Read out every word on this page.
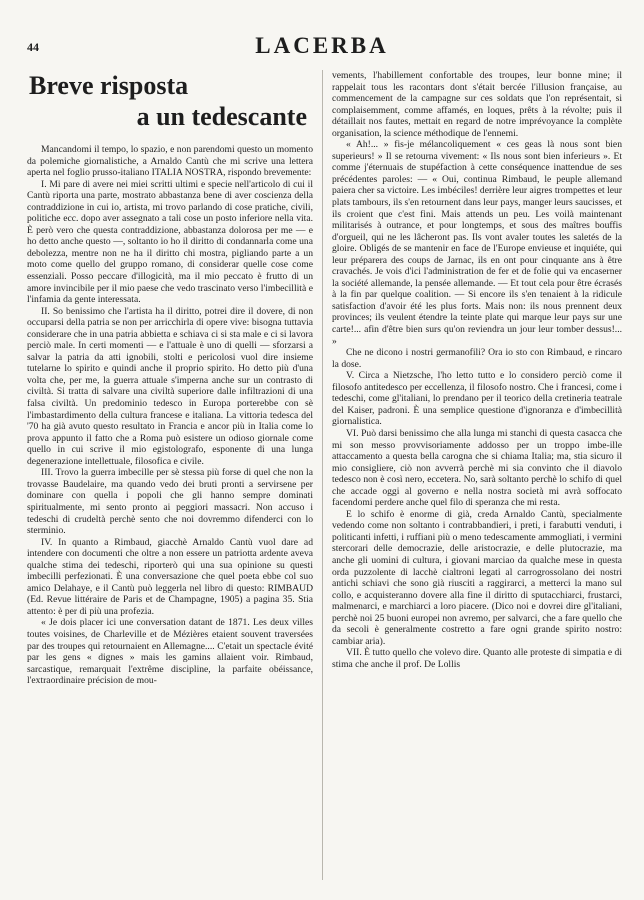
44	LACERBA
Breve risposta
a un tedescante

Mancandomi il tempo, lo spazio, e non parendomi questo un momento da polemiche giornalistiche, a Arnaldo Cantù che mi scrive una lettera aperta nel foglio prusso-italiano ITALIA NOSTRA, rispondo brevemente:

I. Mi pare di avere nei miei scritti ultimi e specie nell'articolo di cui il Cantù riporta una parte, mostrato abbastanza bene di aver coscienza della contraddizione in cui io, artista, mi trovo parlando di cose pratiche, civili, politiche ecc. dopo aver assegnato a tali cose un posto inferiore nella vita. È però vero che questa contraddizione, abbastanza dolorosa per me — e ho detto anche questo —, soltanto io ho il diritto di condannarla come una debolezza, mentre non ne ha il diritto chi mostra, pigliando parte a un moto come quello del gruppo romano, di considerar quelle cose come essenziali. Posso peccare d'illogicità, ma il mio peccato è frutto di un amore invincibile per il mio paese che vedo trascinato verso l'imbecillità e l'infamia da gente interessata.

II. So benissimo che l'artista ha il diritto, potrei dire il dovere, di non occuparsi della patria se non per arricchirla di opere vive: bisogna tuttavia considerare che in una patria abbietta e schiava ci si sta male e ci si lavora perciò male. In certi momenti — e l'attuale è uno di quelli — sforzarsi a salvar la patria da atti ignobili, stolti e pericolosi vuol dire insieme tutelarne lo spirito e quindi anche il proprio spirito. Ho detto più d'una volta che, per me, la guerra attuale s'imperna anche sur un contrasto di civiltà. Si tratta di salvare una civiltà superiore dalle infiltrazioni di una falsa civiltà. Un predominio tedesco in Europa porterebbe con sè l'imbastardimento della cultura francese e italiana. La vittoria tedesca del '70 ha già avuto questo resultato in Francia e ancor più in Italia come lo prova appunto il fatto che a Roma può esistere un odioso giornale come quello in cui scrive il mio egistolografo, esponente di una lunga degenerazione intellettuale, filosofica e civile.

III. Trovo la guerra imbecille per sè stessa più forse di quel che non la trovasse Baudelaire, ma quando vedo dei bruti pronti a servirsene per dominare con quella i popoli che gli hanno sempre dominati spiritualmente, mi sento pronto ai peggiori massacri. Non accuso i tedeschi di crudeltà perchè sento che noi dovremmo difenderci con lo sterminio.

IV. In quanto a Rimbaud, giacchè Arnaldo Cantù vuol dare ad intendere con documenti che oltre a non essere un patriotta ardente aveva qualche stima dei tedeschi, riporterò qui una sua opinione su questi imbecilli perfezionati. È una conversazione che quel poeta ebbe col suo amico Delahaye, e il Cantù può leggerla nel libro di questo: RIMBAUD (Ed. Revue littéraire de Paris et de Champagne, 1905) a pagina 35. Stia attento: è per di più una profezia.

« Je dois placer ici une conversation datant de 1871. Les deux villes toutes voisines, de Charleville et de Mézières etaient souvent traversées par des troupes qui retournaient en Allemagne.... C'etait un spectacle évité par les gens « dignes » mais les gamins allaient voir. Rimbaud, sarcastique, remarquait l'extrême discipline, la parfaite obéissance, l'extraordinaire précision de mou-

vements, l'habillement confortable des troupes, leur bonne mine; il rappelait tous les racontars dont s'était bercée l'illusion française, au commencement de la campagne sur ces soldats que l'on représentait, si complaisemment, comme affamés, en loques, prêts à la révolte; puis il détaillait nos fautes, mettait en regard de notre imprévoyance la complète organisation, la science méthodique de l'ennemi.

« Ah!... » fis-je mélancoliquement « ces geas là nous sont bien superieurs! » Il se retourna vivement: « Ils nous sont bien inferieurs ». Et comme j'éternuais de stupéfaction à cette conséquence inattendue de ses précédentes paroles: — « Oui, continua Rimbaud, le peuple allemand paiera cher sa victoire. Les imbéciles! derrière leur aigres trompettes et leur plats tambours, ils s'en retournent dans leur pays, manger leurs saucisses, et ils croient que c'est fini. Mais attends un peu. Les voilà maintenant militarisés à outrance, et pour longtemps, et sous des maîtres bouffis d'orgueil, qui ne les lâcheront pas. Ils vont avaler toutes les saletés de la gloire. Obligés de se mantenir en face de l'Europe envieuse et inquiéte, qui leur préparera des coups de Jarnac, ils en ont pour cinquante ans à être cravachés. Je vois d'ici l'administration de fer et de folie qui va encaserner la société allemande, la pensée allemande. — Et tout cela pour être écrasés à la fin par quelque coalition. — Si encore ils s'en tenaient à la ridicule satisfaction d'avoir été les plus forts. Mais non: ils nous prennent deux provinces; ils veulent étendre la teinte plate qui marque leur pays sur une carte!... afin d'être bien surs qu'on reviendra un jour leur tomber dessus!... »

Che ne dicono i nostri germanofili? Ora io sto con Rimbaud, e rincaro la dose.

V. Circa a Nietzsche, l'ho letto tutto e lo considero perciò come il filosofo antitedesco per eccellenza, il filosofo nostro. Che i francesi, come i tedeschi, come gl'italiani, lo prendano per il teorico della cretineria teatrale del Kaiser, padroni. È una semplice questione d'ignoranza e d'imbecillità giornalistica.

VI. Può darsi benissimo che alla lunga mi stanchi di questa casacca che mi son messo provvisoriamente addosso per un troppo imbe-ille attaccamento a questa bella carogna che si chiama Italia; ma, stia sicuro il mio consigliere, ciò non avverrà perchè mi sia convinto che il diavolo tedesco non è così nero, eccetera. No, sarà soltanto perchè lo schifo di quel che accade oggi al governo e nella nostra società mi avrà soffocato facendomi perdere anche quel filo di speranza che mi resta.

E lo schifo è enorme di già, creda Arnaldo Cantù, specialmente vedendo come non soltanto i contrabbandieri, i preti, i farabutti venduti, i politicanti infetti, i ruffiani più o meno tedescamente ammogliati, i vermini stercorari delle democrazie, delle aristocrazie, e delle plutocrazie, ma anche gli uomini di cultura, i giovani marciao da qualche mese in questa orda puzzolente di lacchè cialtroni legati al carrogrossolano dei nostri antichi schiavi che sono già riusciti a raggirarci, a metterci la mano sul collo, e acquisteranno dovere alla fine il diritto di sputacchiarci, frustarci, malmenarci, e marchiarci a loro piacere. (Dico noi e dovrei dire gl'italiani, perchè noi 25 buoni europei non avremo, per salvarci, che a fare quello che da secoli è generalmente costretto a fare ogni grande spirito nostro: cambiar aria).

VII. È tutto quello che volevo dire. Quanto alle proteste di simpatia e di stima che anche il prof. De Lollis
